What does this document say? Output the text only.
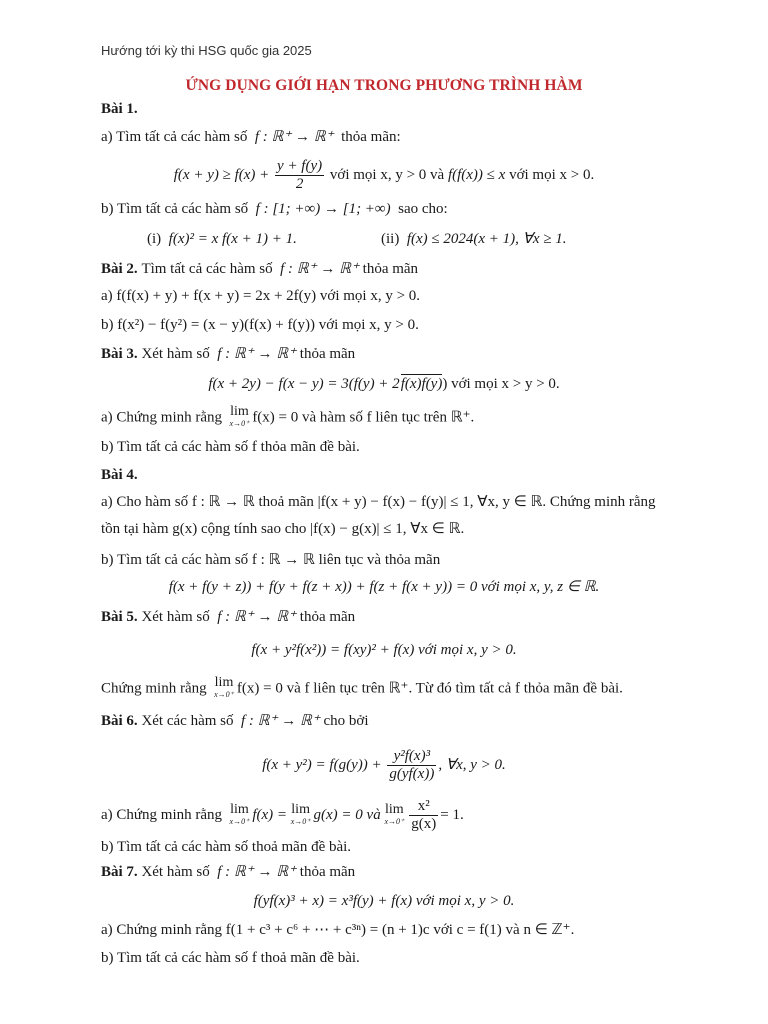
Hướng tới kỳ thi HSG quốc gia 2025
ỨNG DỤNG GIỚI HẠN TRONG PHƯƠNG TRÌNH HÀM
Bài 1.
a) Tìm tất cả các hàm số f : ℝ⁺ → ℝ⁺ thỏa mãn:
$f(x + y) \ge f(x) + \frac{y + f(y)}{2}$ với mọi x, y > 0 và f(f(x)) ≤ x với mọi x > 0.
b) Tìm tất cả các hàm số f : [1; +∞) → [1; +∞) sao cho:
(i) f(x)² = x f(x + 1) + 1.	(ii) f(x) ≤ 2024(x + 1), ∀x ≥ 1.
Bài 2. Tìm tất cả các hàm số f : ℝ⁺ → ℝ⁺ thỏa mãn
a) f(f(x) + y) + f(x + y) = 2x + 2f(y) với mọi x, y > 0.
b) f(x²) − f(y²) = (x − y)(f(x) + f(y)) với mọi x, y > 0.
Bài 3. Xét hàm số f : ℝ⁺ → ℝ⁺ thỏa mãn
f(x + 2y) − f(x − y) = 3(f(y) + 2f(x)f(y)) với mọi x > y > 0.
a) Chứng minh rằng lim
x→0⁺ f(x) = 0 và hàm số f liên tục trên ℝ⁺.
b) Tìm tất cả các hàm số f thỏa mãn đề bài.
Bài 4.
a) Cho hàm số f : ℝ → ℝ thoả mãn |f(x + y) − f(x) − f(y)| ≤ 1, ∀x, y ∈ ℝ. Chứng minh rằng
tồn tại hàm g(x) cộng tính sao cho |f(x) − g(x)| ≤ 1, ∀x ∈ ℝ.
b) Tìm tất cả các hàm số f : ℝ → ℝ liên tục và thỏa mãn
f(x + f(y + z)) + f(y + f(z + x)) + f(z + f(x + y)) = 0 với mọi x, y, z ∈ ℝ.
Bài 5. Xét hàm số f : ℝ⁺ → ℝ⁺ thỏa mãn
f(x + y²f(x²)) = f(xy)² + f(x) với mọi x, y > 0.
Chứng minh rằng lim
x→0⁺ f(x) = 0 và f liên tục trên ℝ⁺. Từ đó tìm tất cả f thỏa mãn đề bài.
Bài 6. Xét các hàm số f : ℝ⁺ → ℝ⁺ cho bởi
$f(x + y^2) = f(g(y)) + \frac{\text{y²f(x)³}}{g(yf(x))}$ , ∀x, y > 0.
a) Chứng minh rằng lim
x→0⁺ f(x) = lim
x→0⁺ g(x) = 0 và lim
$x\to 0^+ \frac{\text{x²}}{g(x)} = 1$.
b) Tìm tất cả các hàm số thoả mãn đề bài.
Bài 7. Xét hàm số f : ℝ⁺ → ℝ⁺ thỏa mãn
f(yf(x)³ + x) = x³f(y) + f(x) với mọi x, y > 0.
a) Chứng minh rằng f(1 + c³ + c⁶ + ⋯ + c³ⁿ) = (n + 1)c với c = f(1) và n ∈ ℤ⁺.
b) Tìm tất cả các hàm số f thoả mãn đề bài.
